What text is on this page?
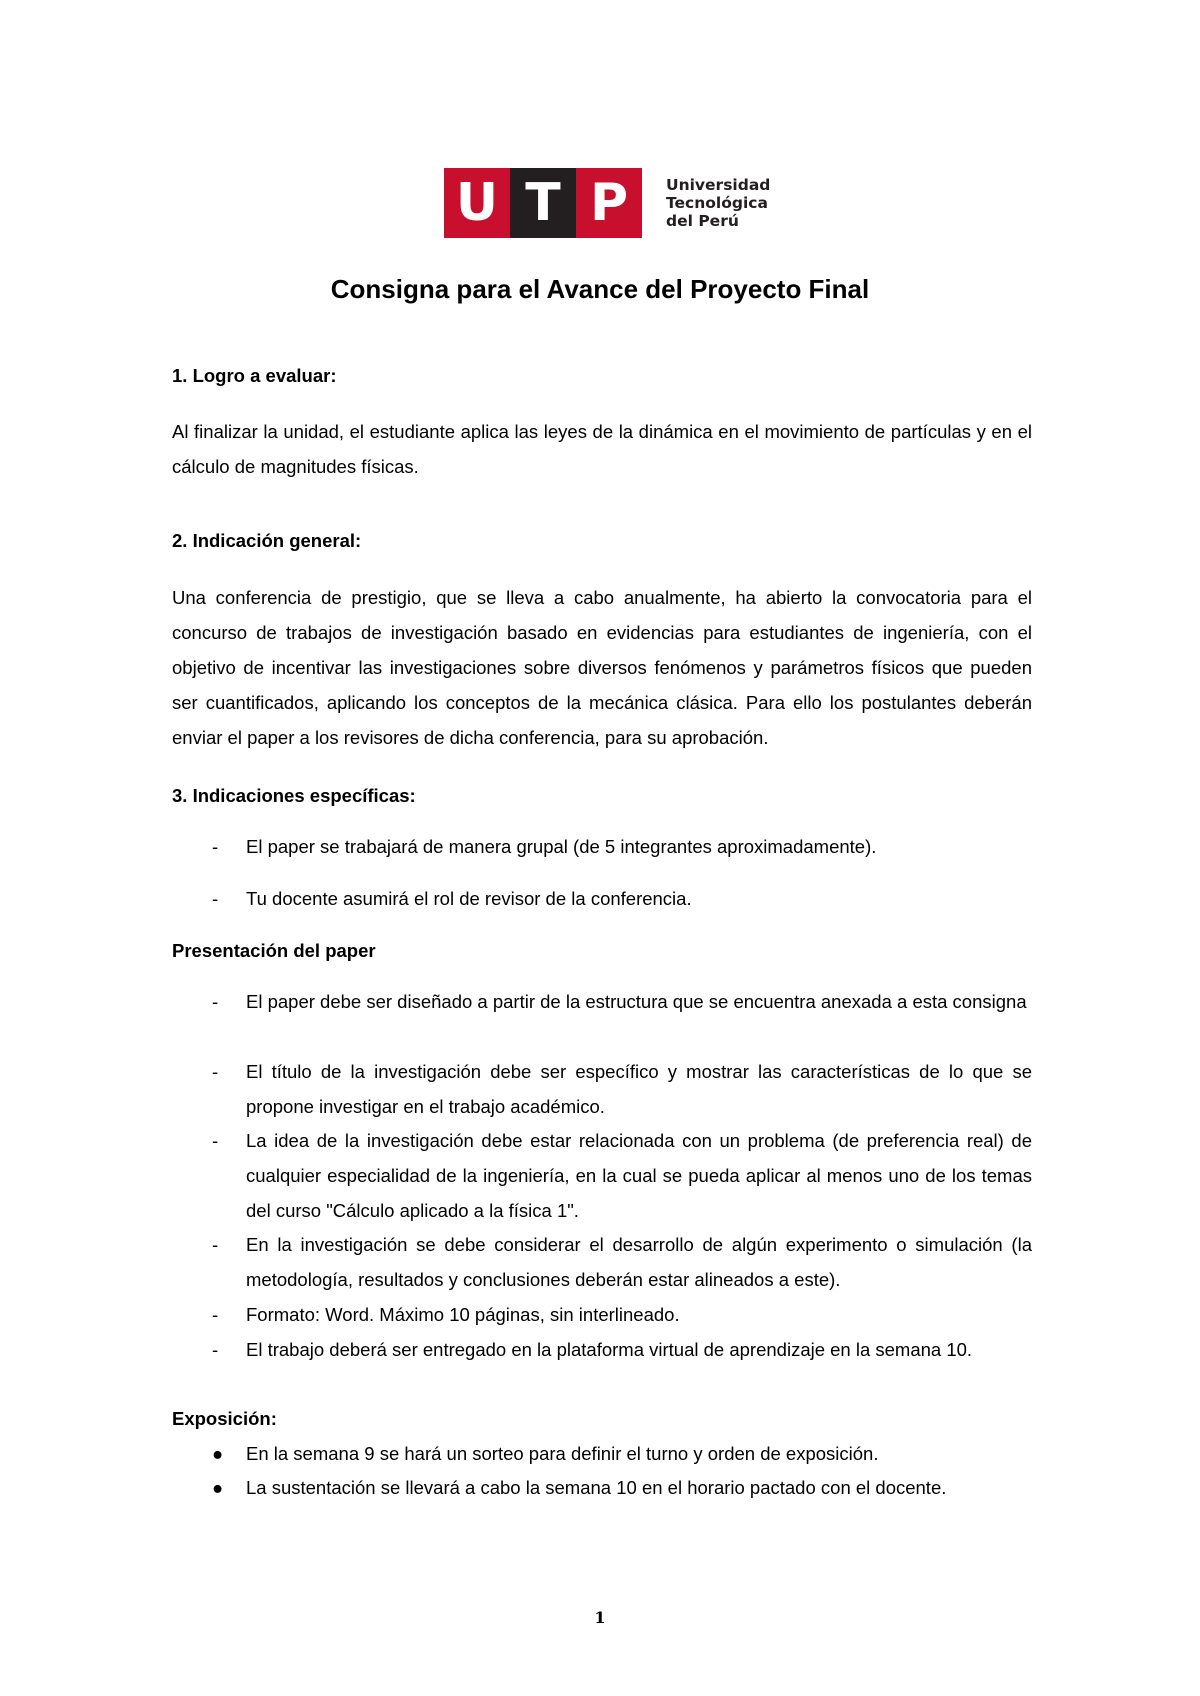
U T P	Universidad
Tecnológica
del Perú
Consigna para el Avance del Proyecto Final

1. Logro a evaluar:

Al finalizar la unidad, el estudiante aplica las leyes de la dinámica en el movimiento de partículas y en el cálculo de magnitudes físicas.

2. Indicación general:

Una conferencia de prestigio, que se lleva a cabo anualmente, ha abierto la convocatoria para el concurso de trabajos de investigación basado en evidencias para estudiantes de ingeniería, con el objetivo de incentivar las investigaciones sobre diversos fenómenos y parámetros físicos que pueden ser cuantificados, aplicando los conceptos de la mecánica clásica. Para ello los postulantes deberán enviar el paper a los revisores de dicha conferencia, para su aprobación.

3. Indicaciones específicas:

-	El paper se trabajará de manera grupal (de 5 integrantes aproximadamente).
-	Tu docente asumirá el rol de revisor de la conferencia.

Presentación del paper

-	El paper debe ser diseñado a partir de la estructura que se encuentra anexada a esta consigna
-	El título de la investigación debe ser específico y mostrar las características de lo que se propone investigar en el trabajo académico.
-	La idea de la investigación debe estar relacionada con un problema (de preferencia real) de cualquier especialidad de la ingeniería, en la cual se pueda aplicar al menos uno de los temas del curso "Cálculo aplicado a la física 1".
-	En la investigación se debe considerar el desarrollo de algún experimento o simulación (la metodología, resultados y conclusiones deberán estar alineados a este).
-	Formato: Word. Máximo 10 páginas, sin interlineado.
-	El trabajo deberá ser entregado en la plataforma virtual de aprendizaje en la semana 10.

Exposición:

●	En la semana 9 se hará un sorteo para definir el turno y orden de exposición.
●	La sustentación se llevará a cabo la semana 10 en el horario pactado con el docente.
1
